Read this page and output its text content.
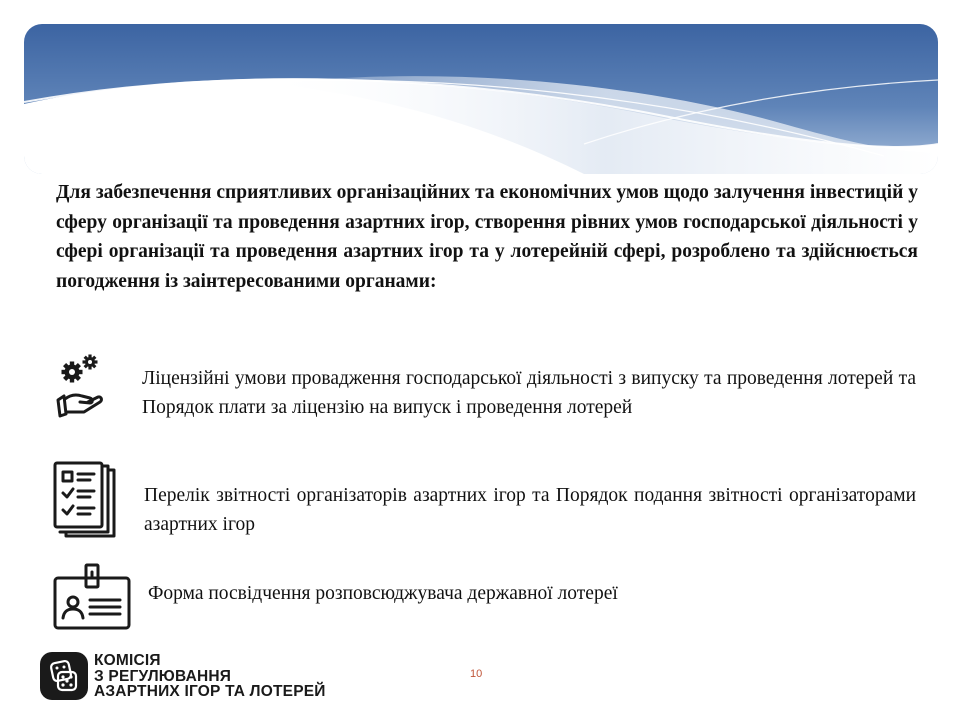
Для забезпечення сприятливих організаційних та економічних умов щодо залучення інвестицій у сферу організації та проведення азартних ігор, створення рівних умов господарської діяльності у сфері організації та проведення азартних ігор та у лотерейній сфері, розроблено та здійснюється погодження із заінтересованими органами:
Ліцензійні умови провадження господарської діяльності з випуску та проведення лотерей та Порядок плати за ліцензію на випуск і проведення лотерей
Перелік звітності організаторів азартних ігор та Порядок подання звітності організаторами азартних ігор
Форма посвідчення розповсюджувача державної лотереї
КОМІСІЯ
З РЕГУЛЮВАННЯ
АЗАРТНИХ ІГОР ТА ЛОТЕРЕЙ
10
